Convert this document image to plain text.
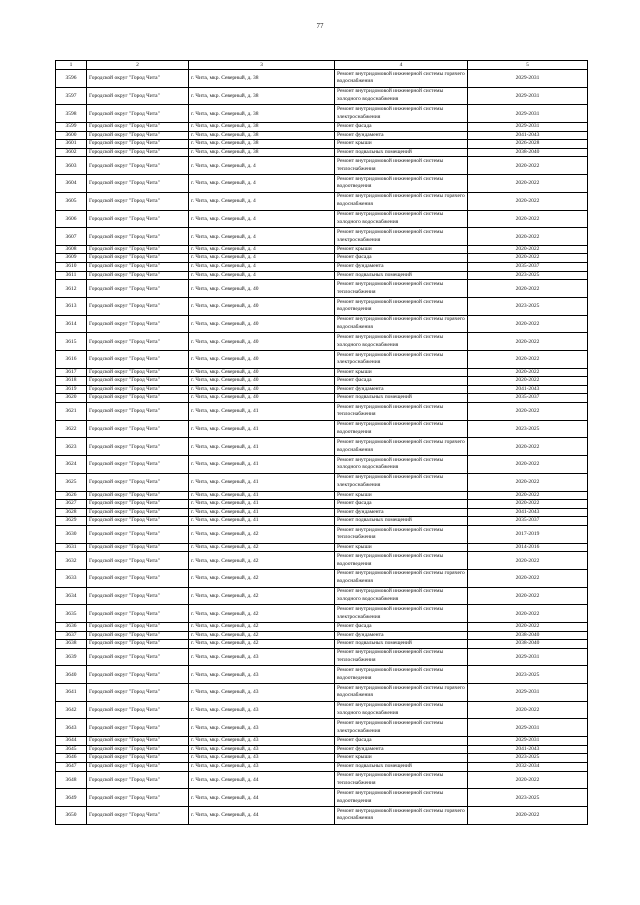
77
1	2	3	4	5
3596	Городской округ "Город Чита"	г. Чита, мкр. Северный, д. 38	Ремонт внутридомовой инженерной системы горячего водоснабжения	2029-2031
3597	Городской округ "Город Чита"	г. Чита, мкр. Северный, д. 38	Ремонт внутридомовой инженерной системы холодного водоснабжения	2029-2031
3598	Городской округ "Город Чита"	г. Чита, мкр. Северный, д. 38	Ремонт внутридомовой инженерной системы электроснабжения	2029-2031
3599	Городской округ "Город Чита"	г. Чита, мкр. Северный, д. 38	Ремонт фасада	2029-2031
3600	Городской округ "Город Чита"	г. Чита, мкр. Северный, д. 38	Ремонт фундамента	2041-2043
3601	Городской округ "Город Чита"	г. Чита, мкр. Северный, д. 38	Ремонт крыши	2026-2028
3602	Городской округ "Город Чита"	г. Чита, мкр. Северный, д. 38	Ремонт подвальных помещений	2038-2040
3603	Городской округ "Город Чита"	г. Чита, мкр. Северный, д. 4	Ремонт внутридомовой инженерной системы теплоснабжения	2020-2022
3604	Городской округ "Город Чита"	г. Чита, мкр. Северный, д. 4	Ремонт внутридомовой инженерной системы водоотведения	2020-2022
3605	Городской округ "Город Чита"	г. Чита, мкр. Северный, д. 4	Ремонт внутридомовой инженерной системы горячего водоснабжения	2020-2022
3606	Городской округ "Город Чита"	г. Чита, мкр. Северный, д. 4	Ремонт внутридомовой инженерной системы холодного водоснабжения	2020-2022
3607	Городской округ "Город Чита"	г. Чита, мкр. Северный, д. 4	Ремонт внутридомовой инженерной системы электроснабжения	2020-2022
3608	Городской округ "Город Чита"	г. Чита, мкр. Северный, д. 4	Ремонт крыши	2020-2022
3609	Городской округ "Город Чита"	г. Чита, мкр. Северный, д. 4	Ремонт фасада	2020-2022
3610	Городской округ "Город Чита"	г. Чита, мкр. Северный, д. 4	Ремонт фундамента	2035-2037
3611	Городской округ "Город Чита"	г. Чита, мкр. Северный, д. 4	Ремонт подвальных помещений	2023-2025
3612	Городской округ "Город Чита"	г. Чита, мкр. Северный, д. 40	Ремонт внутридомовой инженерной системы теплоснабжения	2020-2022
3613	Городской округ "Город Чита"	г. Чита, мкр. Северный, д. 40	Ремонт внутридомовой инженерной системы водоотведения	2023-2025
3614	Городской округ "Город Чита"	г. Чита, мкр. Северный, д. 40	Ремонт внутридомовой инженерной системы горячего водоснабжения	2020-2022
3615	Городской округ "Город Чита"	г. Чита, мкр. Северный, д. 40	Ремонт внутридомовой инженерной системы холодного водоснабжения	2020-2022
3616	Городской округ "Город Чита"	г. Чита, мкр. Северный, д. 40	Ремонт внутридомовой инженерной системы электроснабжения	2020-2022
3617	Городской округ "Город Чита"	г. Чита, мкр. Северный, д. 40	Ремонт крыши	2020-2022
3618	Городской округ "Город Чита"	г. Чита, мкр. Северный, д. 40	Ремонт фасада	2020-2022
3619	Городской округ "Город Чита"	г. Чита, мкр. Северный, д. 40	Ремонт фундамента	2041-2043
3620	Городской округ "Город Чита"	г. Чита, мкр. Северный, д. 40	Ремонт подвальных помещений	2035-2037
3621	Городской округ "Город Чита"	г. Чита, мкр. Северный, д. 41	Ремонт внутридомовой инженерной системы теплоснабжения	2020-2022
3622	Городской округ "Город Чита"	г. Чита, мкр. Северный, д. 41	Ремонт внутридомовой инженерной системы водоотведения	2023-2025
3623	Городской округ "Город Чита"	г. Чита, мкр. Северный, д. 41	Ремонт внутридомовой инженерной системы горячего водоснабжения	2020-2022
3624	Городской округ "Город Чита"	г. Чита, мкр. Северный, д. 41	Ремонт внутридомовой инженерной системы холодного водоснабжения	2020-2022
3625	Городской округ "Город Чита"	г. Чита, мкр. Северный, д. 41	Ремонт внутридомовой инженерной системы электроснабжения	2020-2022
3626	Городской округ "Город Чита"	г. Чита, мкр. Северный, д. 41	Ремонт крыши	2020-2022
3627	Городской округ "Город Чита"	г. Чита, мкр. Северный, д. 41	Ремонт фасада	2020-2022
3628	Городской округ "Город Чита"	г. Чита, мкр. Северный, д. 41	Ремонт фундамента	2041-2043
3629	Городской округ "Город Чита"	г. Чита, мкр. Северный, д. 41	Ремонт подвальных помещений	2035-2037
3630	Городской округ "Город Чита"	г. Чита, мкр. Северный, д. 42	Ремонт внутридомовой инженерной системы теплоснабжения	2017-2019
3631	Городской округ "Город Чита"	г. Чита, мкр. Северный, д. 42	Ремонт крыши	2014-2016
3632	Городской округ "Город Чита"	г. Чита, мкр. Северный, д. 42	Ремонт внутридомовой инженерной системы водоотведения	2020-2022
3633	Городской округ "Город Чита"	г. Чита, мкр. Северный, д. 42	Ремонт внутридомовой инженерной системы горячего водоснабжения	2020-2022
3634	Городской округ "Город Чита"	г. Чита, мкр. Северный, д. 42	Ремонт внутридомовой инженерной системы холодного водоснабжения	2020-2022
3635	Городской округ "Город Чита"	г. Чита, мкр. Северный, д. 42	Ремонт внутридомовой инженерной системы электроснабжения	2020-2022
3636	Городской округ "Город Чита"	г. Чита, мкр. Северный, д. 42	Ремонт фасада	2020-2022
3637	Городской округ "Город Чита"	г. Чита, мкр. Северный, д. 42	Ремонт фундамента	2038-2040
3638	Городской округ "Город Чита"	г. Чита, мкр. Северный, д. 42	Ремонт подвальных помещений	2038-2040
3639	Городской округ "Город Чита"	г. Чита, мкр. Северный, д. 43	Ремонт внутридомовой инженерной системы теплоснабжения	2029-2031
3640	Городской округ "Город Чита"	г. Чита, мкр. Северный, д. 43	Ремонт внутридомовой инженерной системы водоотведения	2023-2025
3641	Городской округ "Город Чита"	г. Чита, мкр. Северный, д. 43	Ремонт внутридомовой инженерной системы горячего водоснабжения	2029-2031
3642	Городской округ "Город Чита"	г. Чита, мкр. Северный, д. 43	Ремонт внутридомовой инженерной системы холодного водоснабжения	2020-2022
3643	Городской округ "Город Чита"	г. Чита, мкр. Северный, д. 43	Ремонт внутридомовой инженерной системы электроснабжения	2029-2031
3644	Городской округ "Город Чита"	г. Чита, мкр. Северный, д. 43	Ремонт фасада	2029-2031
3645	Городской округ "Город Чита"	г. Чита, мкр. Северный, д. 43	Ремонт фундамента	2041-2043
3646	Городской округ "Город Чита"	г. Чита, мкр. Северный, д. 43	Ремонт крыши	2023-2025
3647	Городской округ "Город Чита"	г. Чита, мкр. Северный, д. 43	Ремонт подвальных помещений	2032-2034
3648	Городской округ "Город Чита"	г. Чита, мкр. Северный, д. 44	Ремонт внутридомовой инженерной системы теплоснабжения	2020-2022
3649	Городской округ "Город Чита"	г. Чита, мкр. Северный, д. 44	Ремонт внутридомовой инженерной системы водоотведения	2023-2025
3650	Городской округ "Город Чита"	г. Чита, мкр. Северный, д. 44	Ремонт внутридомовой инженерной системы горячего водоснабжения	2020-2022
